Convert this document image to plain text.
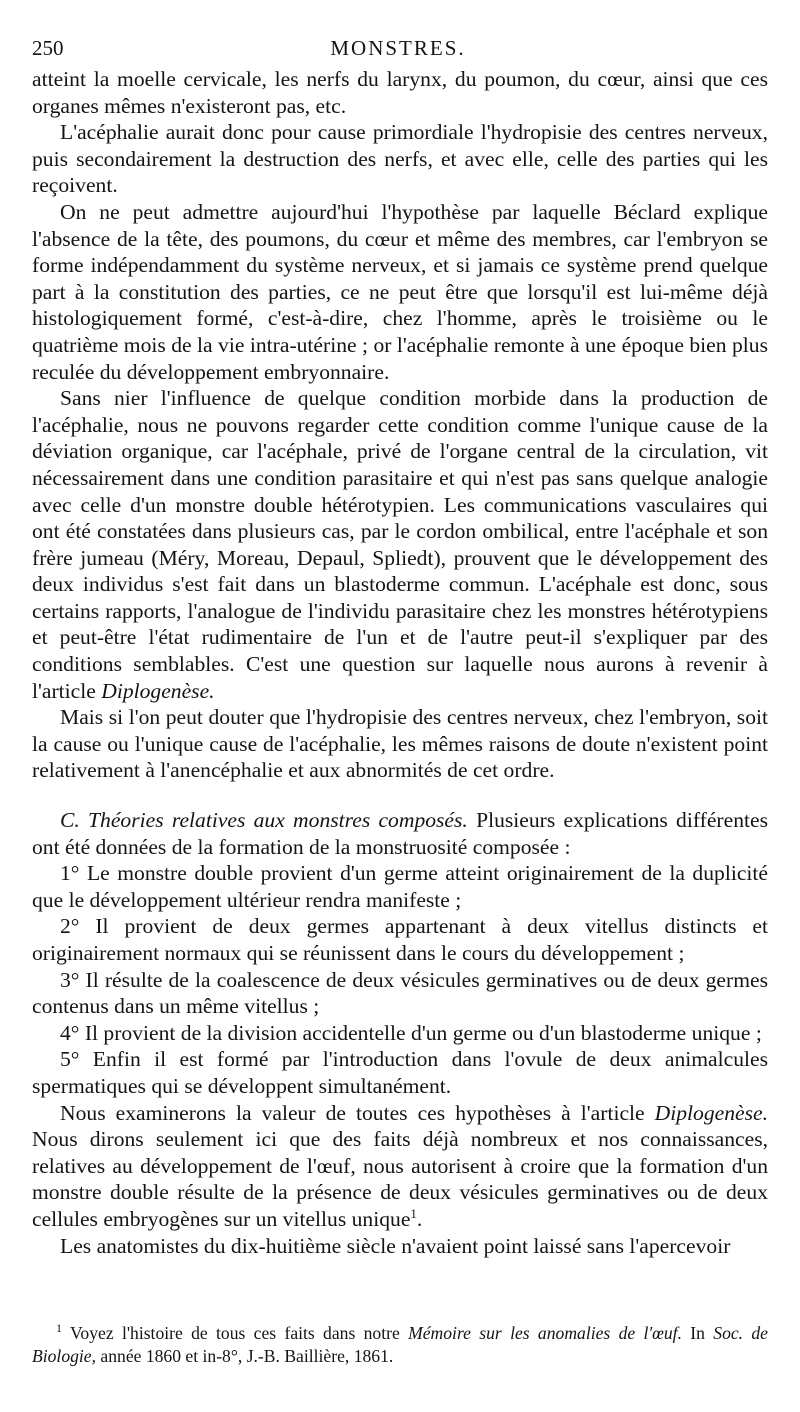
250	MONSTRES.

atteint la moelle cervicale, les nerfs du larynx, du poumon, du cœur, ainsi que ces organes mêmes n'existeront pas, etc.

L'acéphalie aurait donc pour cause primordiale l'hydropisie des centres nerveux, puis secondairement la destruction des nerfs, et avec elle, celle des parties qui les reçoivent.

On ne peut admettre aujourd'hui l'hypothèse par laquelle Béclard explique l'absence de la tête, des poumons, du cœur et même des membres, car l'embryon se forme indépendamment du système nerveux, et si jamais ce système prend quelque part à la constitution des parties, ce ne peut être que lorsqu'il est lui-même déjà histologiquement formé, c'est-à-dire, chez l'homme, après le troisième ou le quatrième mois de la vie intra-utérine ; or l'acéphalie remonte à une époque bien plus reculée du développement embryonnaire.

Sans nier l'influence de quelque condition morbide dans la production de l'acéphalie, nous ne pouvons regarder cette condition comme l'unique cause de la déviation organique, car l'acéphale, privé de l'organe central de la circulation, vit nécessairement dans une condition parasitaire et qui n'est pas sans quelque analogie avec celle d'un monstre double hétérotypien. Les communications vasculaires qui ont été constatées dans plusieurs cas, par le cordon ombilical, entre l'acéphale et son frère jumeau (Méry, Moreau, Depaul, Spliedt), prouvent que le développement des deux individus s'est fait dans un blastoderme commun. L'acéphale est donc, sous certains rapports, l'analogue de l'individu parasitaire chez les monstres hétérotypiens et peut-être l'état rudimentaire de l'un et de l'autre peut-il s'expliquer par des conditions semblables. C'est une question sur laquelle nous aurons à revenir à l'article Diplogenèse.

Mais si l'on peut douter que l'hydropisie des centres nerveux, chez l'embryon, soit la cause ou l'unique cause de l'acéphalie, les mêmes raisons de doute n'existent point relativement à l'anencéphalie et aux abnormités de cet ordre.

C. Théories relatives aux monstres composés. Plusieurs explications différentes ont été données de la formation de la monstruosité composée :

1° Le monstre double provient d'un germe atteint originairement de la duplicité que le développement ultérieur rendra manifeste ;

2° Il provient de deux germes appartenant à deux vitellus distincts et originairement normaux qui se réunissent dans le cours du développement ;

3° Il résulte de la coalescence de deux vésicules germinatives ou de deux germes contenus dans un même vitellus ;

4° Il provient de la division accidentelle d'un germe ou d'un blastoderme unique ;

5° Enfin il est formé par l'introduction dans l'ovule de deux animalcules spermatiques qui se développent simultanément.

Nous examinerons la valeur de toutes ces hypothèses à l'article Diplogenèse. Nous dirons seulement ici que des faits déjà nombreux et nos connaissances, relatives au développement de l'œuf, nous autorisent à croire que la formation d'un monstre double résulte de la présence de deux vésicules germinatives ou de deux cellules embryogènes sur un vitellus unique$^1$.

Les anatomistes du dix-huitième siècle n'avaient point laissé sans l'apercevoir

$^1$ Voyez l'histoire de tous ces faits dans notre Mémoire sur les anomalies de l'œuf. In Soc. de Biologie, année 1860 et in-8°, J.-B. Baillière, 1861.
